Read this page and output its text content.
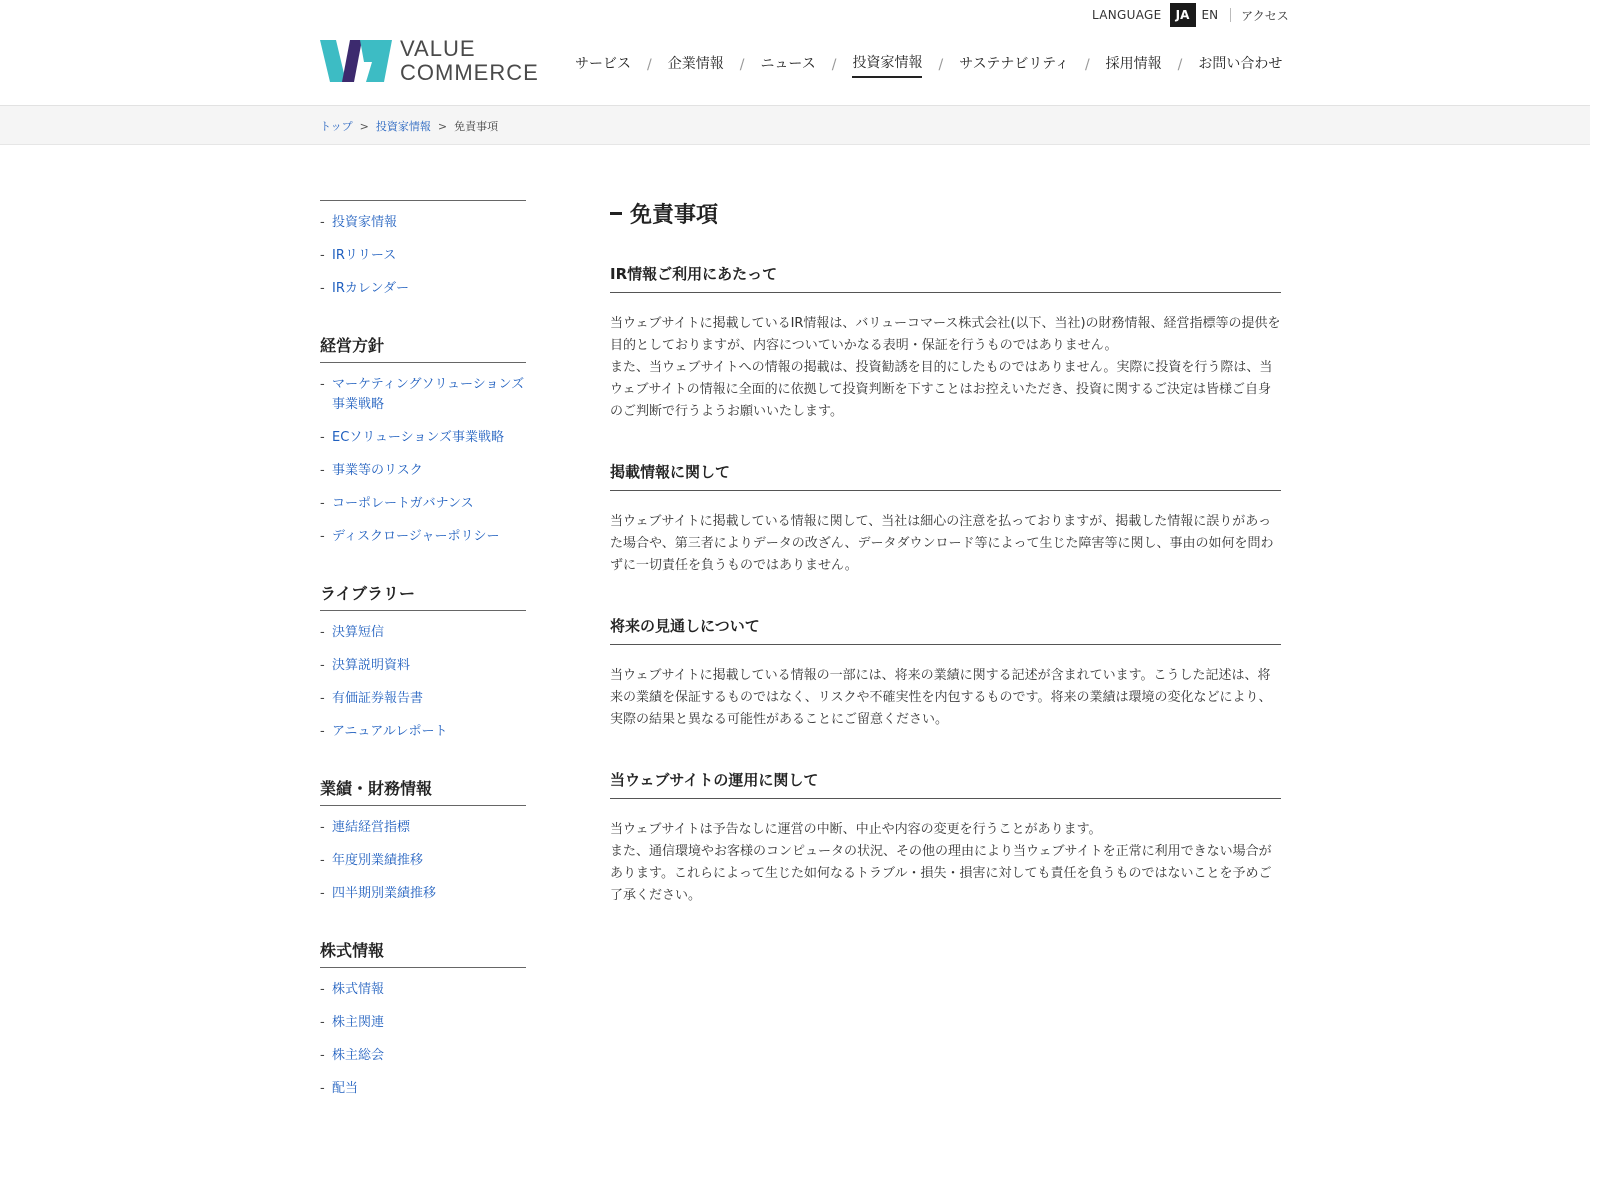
LANGUAGE	JA	EN アクセス
VALUE
COMMERCE	サービス / 企業情報 / ニュース / 投資家情報 / サステナビリティ / 採用情報 / お問い合わせ
トップ > 投資家情報 > 免責事項
- 投資家情報
- IRリリース
- IRカレンダー
経営方針
- マーケティングソリューションズ事業戦略
- ECソリューションズ事業戦略
- 事業等のリスク
- コーポレートガバナンス
- ディスクロージャーポリシー
ライブラリー
- 決算短信
- 決算説明資料
- 有価証券報告書
- アニュアルレポート
業績・財務情報
- 連結経営指標
- 年度別業績推移
- 四半期別業績推移
株式情報
- 株式情報
- 株主関連
- 株主総会
- 配当
免責事項
IR情報ご利用にあたって

当ウェブサイトに掲載しているIR情報は、バリューコマース株式会社(以下、当社)の財務情報、経営指標等の提供を目的としておりますが、内容についていかなる表明・保証を行うものではありません。

また、当ウェブサイトへの情報の掲載は、投資勧誘を目的にしたものではありません。実際に投資を行う際は、当ウェブサイトの情報に全面的に依拠して投資判断を下すことはお控えいただき、投資に関するご決定は皆様ご自身のご判断で行うようお願いいたします。

掲載情報に関して

当ウェブサイトに掲載している情報に関して、当社は細心の注意を払っておりますが、掲載した情報に誤りがあった場合や、第三者によりデータの改ざん、データダウンロード等によって生じた障害等に関し、事由の如何を問わずに一切責任を負うものではありません。

将来の見通しについて

当ウェブサイトに掲載している情報の一部には、将来の業績に関する記述が含まれています。こうした記述は、将来の業績を保証するものではなく、リスクや不確実性を内包するものです。将来の業績は環境の変化などにより、実際の結果と異なる可能性があることにご留意ください。

当ウェブサイトの運用に関して

当ウェブサイトは予告なしに運営の中断、中止や内容の変更を行うことがあります。

また、通信環境やお客様のコンピュータの状況、その他の理由により当ウェブサイトを正常に利用できない場合があります。これらによって生じた如何なるトラブル・損失・損害に対しても責任を負うものではないことを予めご了承ください。
